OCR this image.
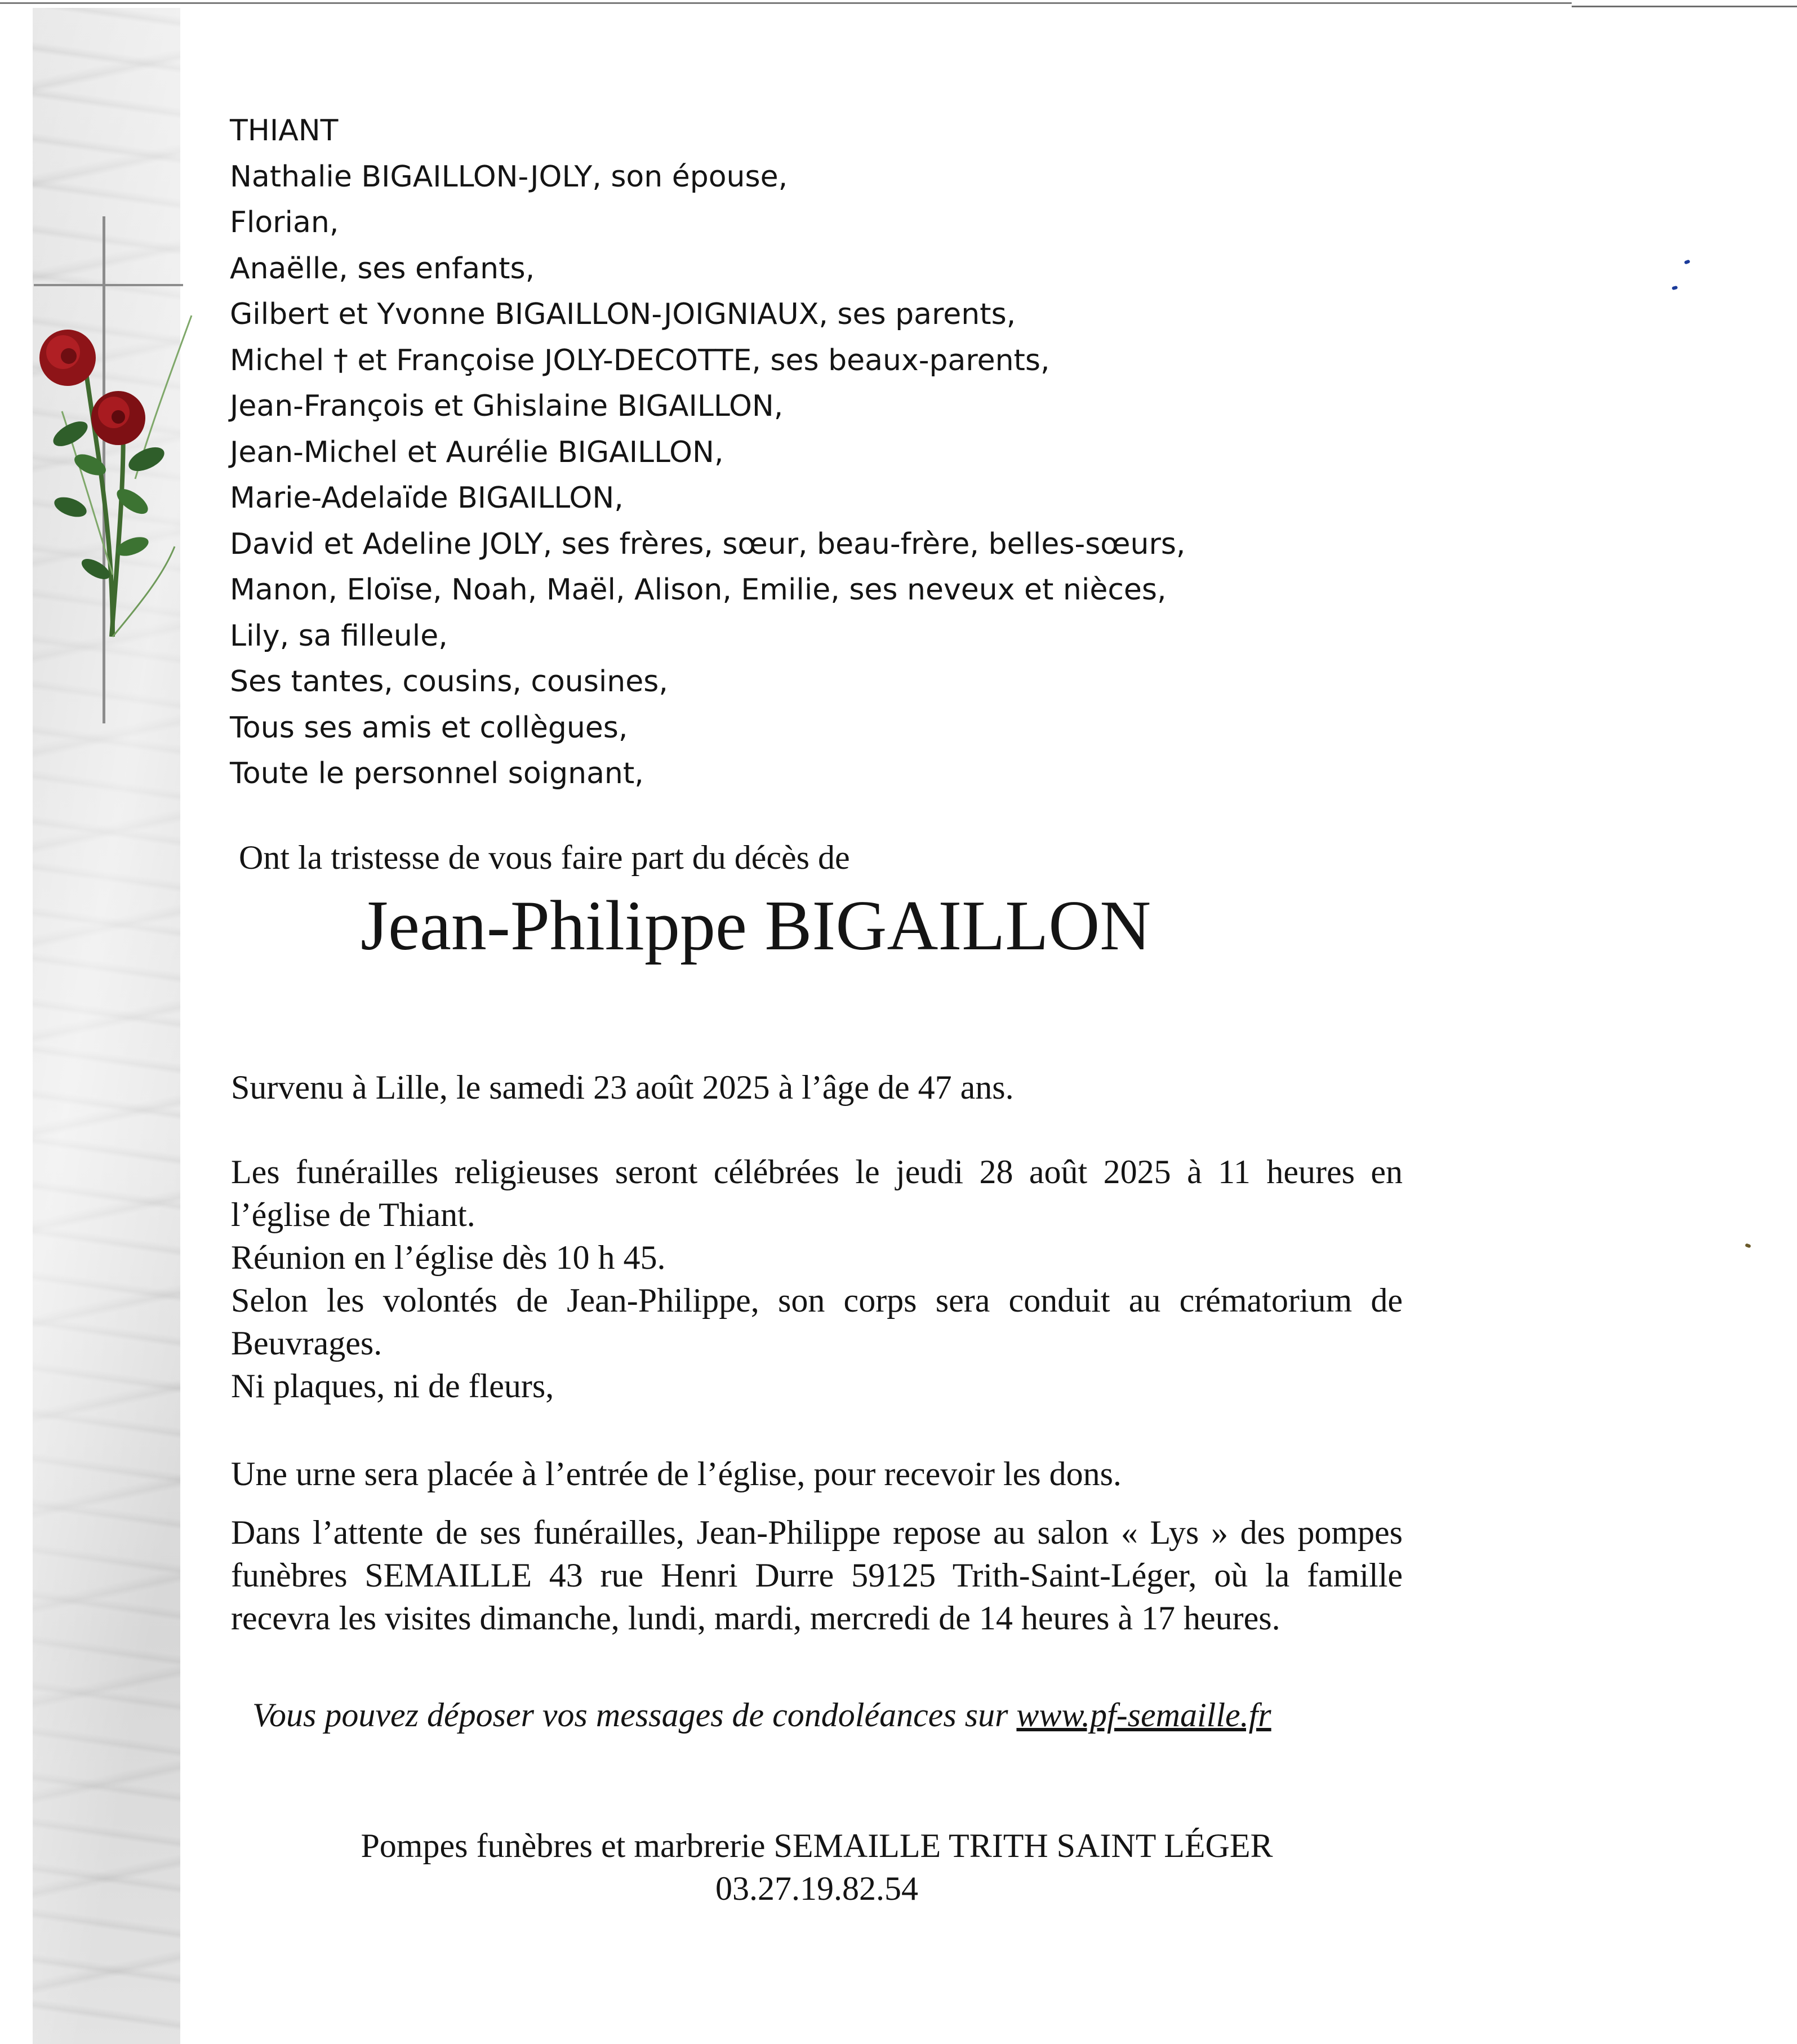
THIANT
Nathalie BIGAILLON-JOLY, son épouse,
Florian,
Anaëlle, ses enfants,
Gilbert et Yvonne BIGAILLON-JOIGNIAUX, ses parents,
Michel † et Françoise JOLY-DECOTTE, ses beaux-parents,
Jean-François et Ghislaine BIGAILLON,
Jean-Michel et Aurélie BIGAILLON,
Marie-Adelaïde BIGAILLON,
David et Adeline JOLY, ses frères, sœur, beau-frère, belles-sœurs,
Manon, Eloïse, Noah, Maël, Alison, Emilie, ses neveux et nièces,
Lily, sa filleule,
Ses tantes, cousins, cousines,
Tous ses amis et collègues,
Toute le personnel soignant,
Ont la tristesse de vous faire part du décès de
Jean-Philippe BIGAILLON

Survenu à Lille, le samedi 23 août 2025 à l’âge de 47 ans.

Les funérailles religieuses seront célébrées le jeudi 28 août 2025 à 11 heures en l’église de Thiant.

Réunion en l’église dès 10 h 45.

Selon les volontés de Jean-Philippe, son corps sera conduit au crématorium de Beuvrages.

Ni plaques, ni de fleurs,

Une urne sera placée à l’entrée de l’église, pour recevoir les dons.

Dans l’attente de ses funérailles, Jean-Philippe repose au salon « Lys » des pompes funèbres SEMAILLE 43 rue Henri Durre 59125 Trith-Saint-Léger, où la famille recevra les visites dimanche, lundi, mardi, mercredi de 14 heures à 17 heures.

Vous pouvez déposer vos messages de condoléances sur www.pf-semaille.fr
Pompes funèbres et marbrerie SEMAILLE TRITH SAINT LÉGER
03.27.19.82.54
